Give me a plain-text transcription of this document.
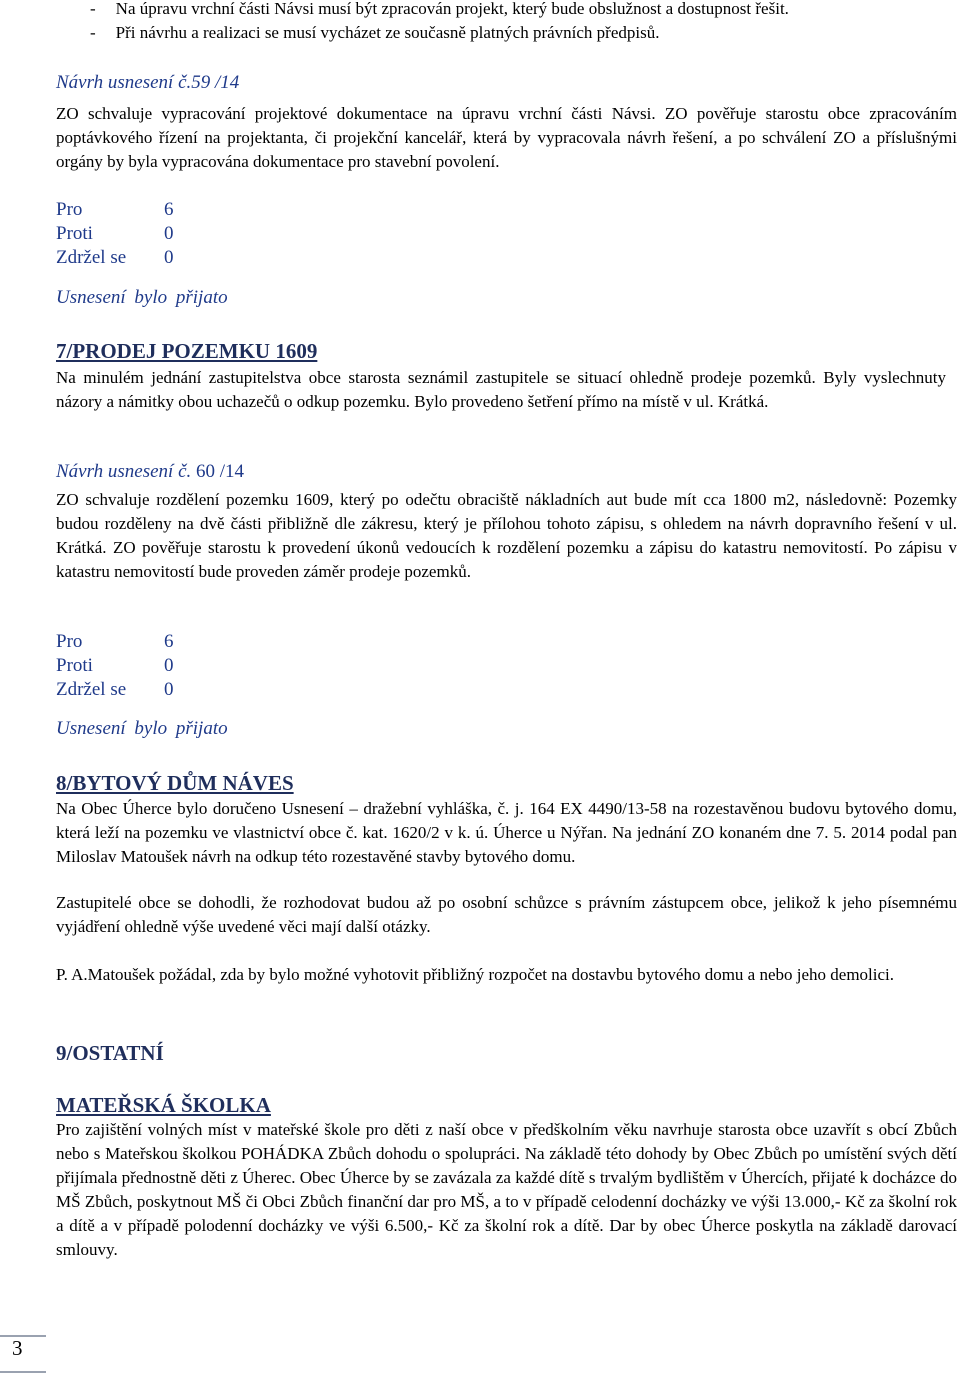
- Na úpravu vrchní části Návsi musí být zpracován projekt, který bude obslužnost a dostupnost řešit.
- Při návrhu a realizaci se musí vycházet ze současně platných právních předpisů.
Návrh usnesení č.59 /14
ZO schvaluje vypracování projektové dokumentace na úpravu vrchní části Návsi. ZO pověřuje starostu obce zpracováním poptávkového řízení na projektanta, či projekční kancelář, která by vypracovala návrh řešení, a po schválení ZO a příslušnými orgány by byla vypracována dokumentace pro stavební povolení.
Pro	6
Proti	0
Zdržel se 0
Usnesení bylo přijato
7/PRODEJ POZEMKU 1609
Na minulém jednání zastupitelstva obce starosta seznámil zastupitele se situací ohledně prodeje pozemků. Byly vyslechnuty názory a námitky obou uchazečů o odkup pozemku. Bylo provedeno šetření přímo na místě v ul. Krátká.
Návrh usnesení č. 60 /14
ZO schvaluje rozdělení pozemku 1609, který po odečtu obraciště nákladních aut bude mít cca 1800 m2, následovně: Pozemky budou rozděleny na dvě části přibližně dle zákresu, který je přílohou tohoto zápisu, s ohledem na návrh dopravního řešení v ul. Krátká. ZO pověřuje starostu k provedení úkonů vedoucích k rozdělení pozemku a zápisu do katastru nemovitostí. Po zápisu v katastru nemovitostí bude proveden záměr prodeje pozemků.
Pro	6
Proti	0
Zdržel se 0
Usnesení bylo přijato
8/BYTOVÝ DŮM NÁVES
Na Obec Úherce bylo doručeno Usnesení – dražební vyhláška, č. j. 164 EX 4490/13-58 na rozestavěnou budovu bytového domu, která leží na pozemku ve vlastnictví obce č. kat. 1620/2 v k. ú. Úherce u Nýřan. Na jednání ZO konaném dne 7. 5. 2014 podal pan Miloslav Matoušek návrh na odkup této rozestavěné stavby bytového domu.
Zastupitelé obce se dohodli, že rozhodovat budou až po osobní schůzce s právním zástupcem obce, jelikož k jeho písemnému vyjádření ohledně výše uvedené věci mají další otázky.
P. A.Matoušek požádal, zda by bylo možné vyhotovit přibližný rozpočet na dostavbu bytového domu a nebo jeho demolici.
9/OSTATNÍ
MATEŘSKÁ ŠKOLKA
Pro zajištění volných míst v mateřské škole pro děti z naší obce v předškolním věku navrhuje starosta obce uzavřít s obcí Zbůch nebo s Mateřskou školkou POHÁDKA Zbůch dohodu o spolupráci. Na základě této dohody by Obec Zbůch po umístění svých dětí přijímala přednostně děti z Úherec. Obec Úherce by se zavázala za každé dítě s trvalým bydlištěm v Úhercích, přijaté k docházce do MŠ Zbůch, poskytnout MŠ či Obci Zbůch finanční dar pro MŠ, a to v případě celodenní docházky ve výši 13.000,- Kč za školní rok a dítě a v případě polodenní docházky ve výši 6.500,- Kč za školní rok a dítě. Dar by obec Úherce poskytla na základě darovací smlouvy.
3
